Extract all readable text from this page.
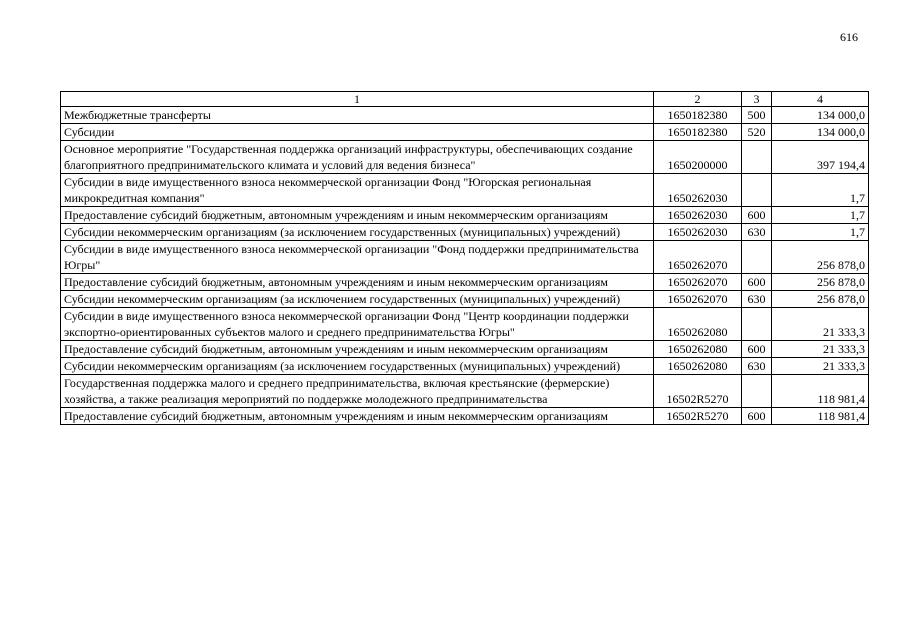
616
1	2	3	4
Межбюджетные трансферты	1650182380	500	134 000,0
Субсидии	1650182380	520	134 000,0
Основное мероприятие "Государственная поддержка организаций инфраструктуры, обеспечивающих создание благоприятного предпринимательского климата и условий для ведения бизнеса"	1650200000		397 194,4
Субсидии в виде имущественного взноса некоммерческой организации Фонд "Югорская региональная микрокредитная компания"	1650262030		1,7
Предоставление субсидий бюджетным, автономным учреждениям и иным некоммерческим организациям	1650262030	600	1,7
Субсидии некоммерческим организациям (за исключением государственных (муниципальных) учреждений)	1650262030	630	1,7
Субсидии в виде имущественного взноса некоммерческой организации "Фонд поддержки предпринимательства Югры"	1650262070		256 878,0
Предоставление субсидий бюджетным, автономным учреждениям и иным некоммерческим организациям	1650262070	600	256 878,0
Субсидии некоммерческим организациям (за исключением государственных (муниципальных) учреждений)	1650262070	630	256 878,0
Субсидии в виде имущественного взноса некоммерческой организации Фонд "Центр координации поддержки экспортно-ориентированных субъектов малого и среднего предпринимательства Югры"	1650262080		21 333,3
Предоставление субсидий бюджетным, автономным учреждениям и иным некоммерческим организациям	1650262080	600	21 333,3
Субсидии некоммерческим организациям (за исключением государственных (муниципальных) учреждений)	1650262080	630	21 333,3
Государственная поддержка малого и среднего предпринимательства, включая крестьянские (фермерские) хозяйства, а также реализация мероприятий по поддержке молодежного предпринимательства	16502R5270		118 981,4
Предоставление субсидий бюджетным, автономным учреждениям и иным некоммерческим организациям	16502R5270	600	118 981,4
